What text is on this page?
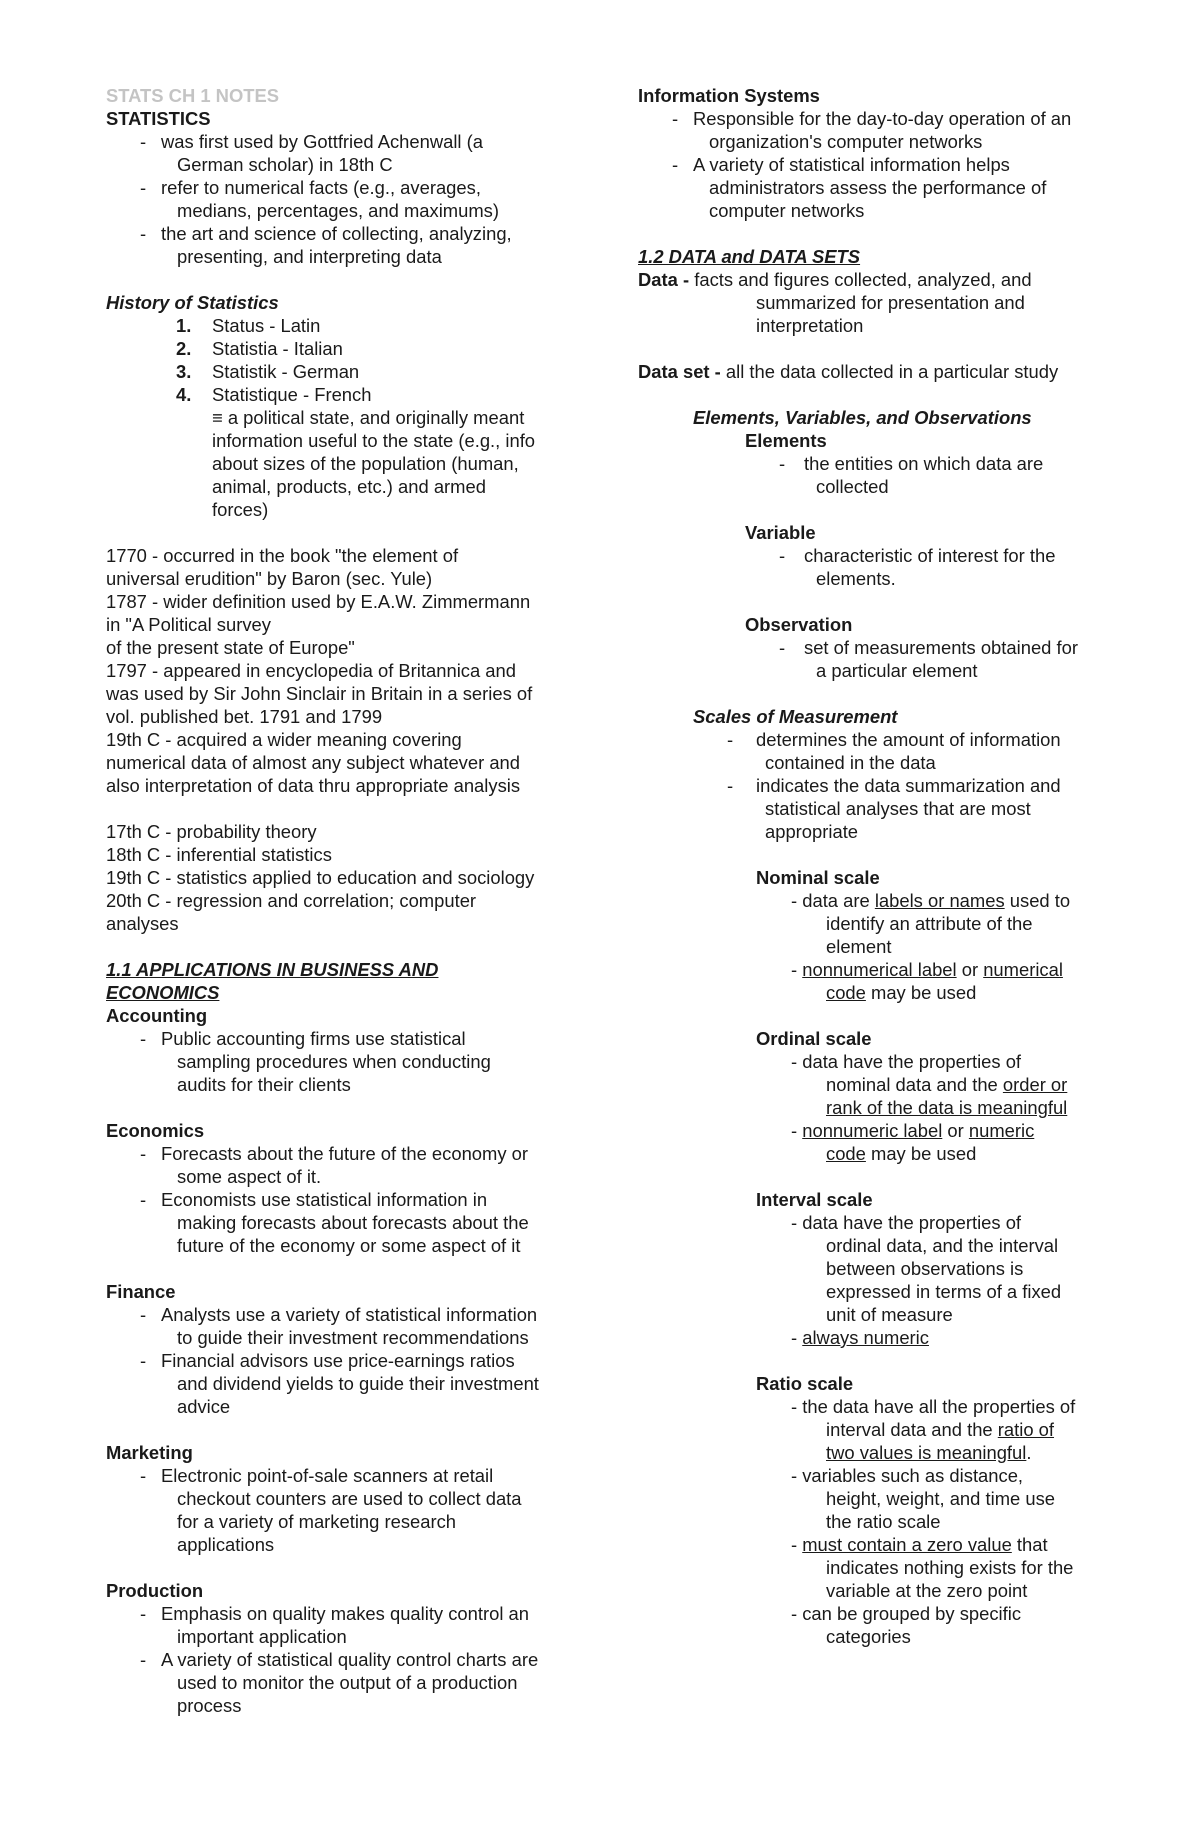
STATS CH 1 NOTES
STATISTICS
- was first used by Gottfried Achenwall (a
German scholar) in 18th C
- refer to numerical facts (e.g., averages,
medians, percentages, and maximums)
- the art and science of collecting, analyzing,
presenting, and interpreting data
History of Statistics
1. Status - Latin
2. Statistia - Italian
3. Statistik - German
4. Statistique - French
≡ a political state, and originally meant
information useful to the state (e.g., info
about sizes of the population (human,
animal, products, etc.) and armed
forces)
1770 - occurred in the book "the element of
universal erudition" by Baron (sec. Yule)
1787 - wider definition used by E.A.W. Zimmermann
in "A Political survey
of the present state of Europe"
1797 - appeared in encyclopedia of Britannica and
was used by Sir John Sinclair in Britain in a series of
vol. published bet. 1791 and 1799
19th C - acquired a wider meaning covering
numerical data of almost any subject whatever and
also interpretation of data thru appropriate analysis
17th C - probability theory
18th C - inferential statistics
19th C - statistics applied to education and sociology
20th C - regression and correlation; computer
analyses
1.1 APPLICATIONS IN BUSINESS AND
ECONOMICS
Accounting
- Public accounting firms use statistical
sampling procedures when conducting
audits for their clients
Economics
- Forecasts about the future of the economy or
some aspect of it.
- Economists use statistical information in
making forecasts about forecasts about the
future of the economy or some aspect of it
Finance
- Analysts use a variety of statistical information
to guide their investment recommendations
- Financial advisors use price-earnings ratios
and dividend yields to guide their investment
advice
Marketing
- Electronic point-of-sale scanners at retail
checkout counters are used to collect data
for a variety of marketing research
applications
Production
- Emphasis on quality makes quality control an
important application
- A variety of statistical quality control charts are
used to monitor the output of a production
process
Information Systems
- Responsible for the day-to-day operation of an
organization's computer networks
- A variety of statistical information helps
administrators assess the performance of
computer networks
1.2 DATA and DATA SETS
Data - facts and figures collected, analyzed, and
summarized for presentation and
interpretation
Data set - all the data collected in a particular study
Elements, Variables, and Observations
Elements
-	the entities on which data are
collected
Variable
-	characteristic of interest for the
elements.
Observation
-	set of measurements obtained for
a particular element
Scales of Measurement
-	determines the amount of information
contained in the data
-	indicates the data summarization and
statistical analyses that are most
appropriate
Nominal scale
- data are labels or names used to
identify an attribute of the
element
- nonnumerical label or numerical
code may be used
Ordinal scale
- data have the properties of
nominal data and the order or
rank of the data is meaningful
- nonnumeric label or numeric
code may be used
Interval scale
- data have the properties of
ordinal data, and the interval
between observations is
expressed in terms of a fixed
unit of measure
- always numeric
Ratio scale
- the data have all the properties of
interval data and the ratio of
two values is meaningful.
- variables such as distance,
height, weight, and time use
the ratio scale
- must contain a zero value that
indicates nothing exists for the
variable at the zero point
- can be grouped by specific
categories
